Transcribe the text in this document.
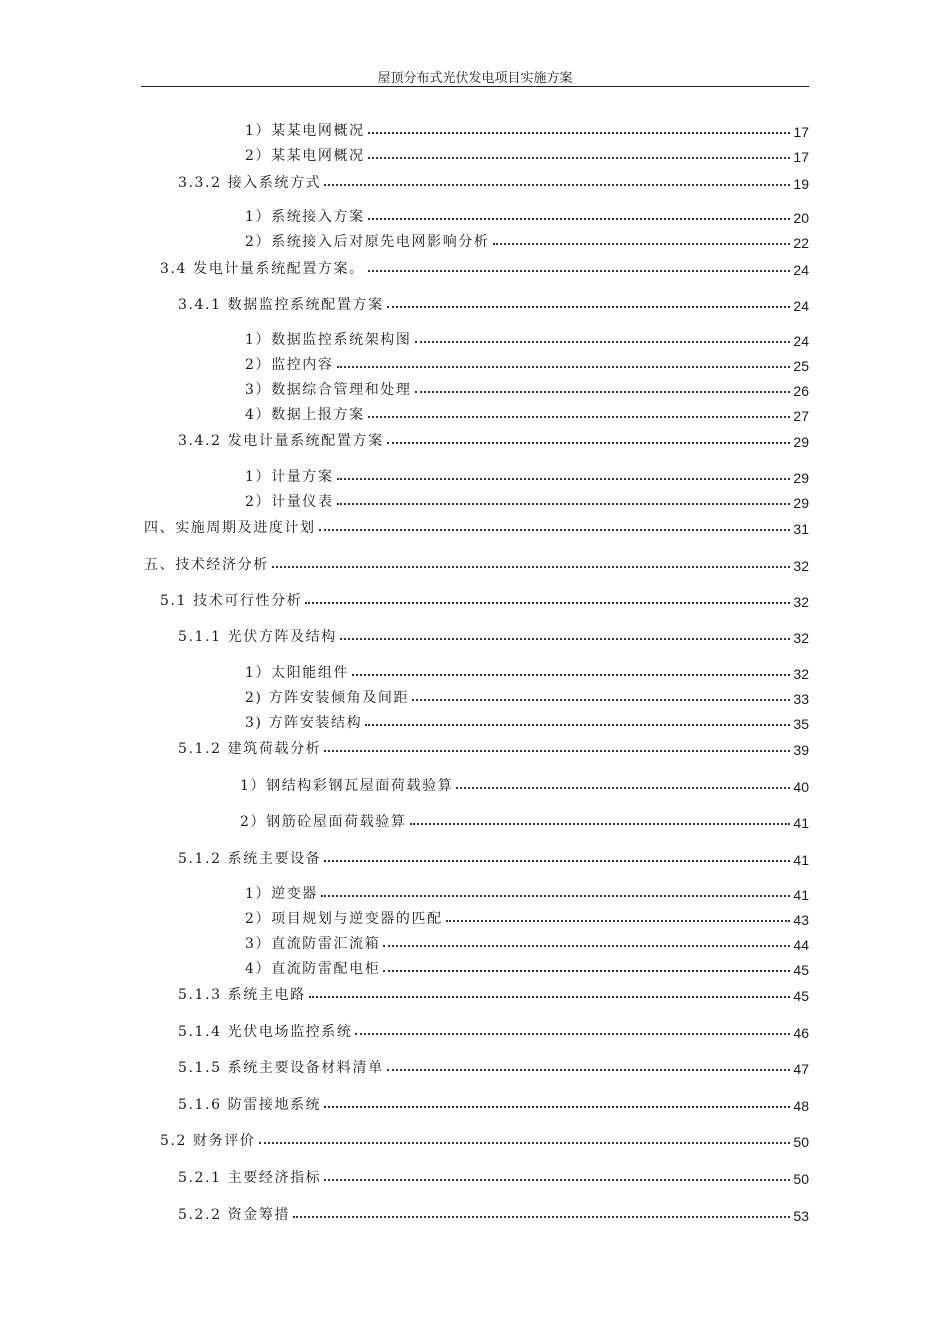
屋顶分布式光伏发电项目实施方案
1）某某电网概况	17
2）某某电网概况	17
3.3.2 接入系统方式	19
1）系统接入方案	20
2）系统接入后对原先电网影响分析	22
3.4 发电计量系统配置方案。	24
3.4.1 数据监控系统配置方案	24
1）数据监控系统架构图	24
2）监控内容	25
3）数据综合管理和处理	26
4）数据上报方案	27
3.4.2 发电计量系统配置方案	29
1）计量方案	29
2）计量仪表	29
四、实施周期及进度计划	31
五、技术经济分析	32
5.1 技术可行性分析	32
5.1.1 光伏方阵及结构	32
1）太阳能组件	32
2) 方阵安装倾角及间距	33
3) 方阵安装结构	35
5.1.2 建筑荷载分析	39
1）钢结构彩钢瓦屋面荷载验算	40
2）钢筋砼屋面荷载验算	41
5.1.2 系统主要设备	41
1）逆变器	41
2）项目规划与逆变器的匹配	43
3）直流防雷汇流箱	44
4）直流防雷配电柜	45
5.1.3 系统主电路	45
5.1.4 光伏电场监控系统	46
5.1.5 系统主要设备材料清单	47
5.1.6 防雷接地系统	48
5.2 财务评价	50
5.2.1 主要经济指标	50
5.2.2 资金筹措	53
